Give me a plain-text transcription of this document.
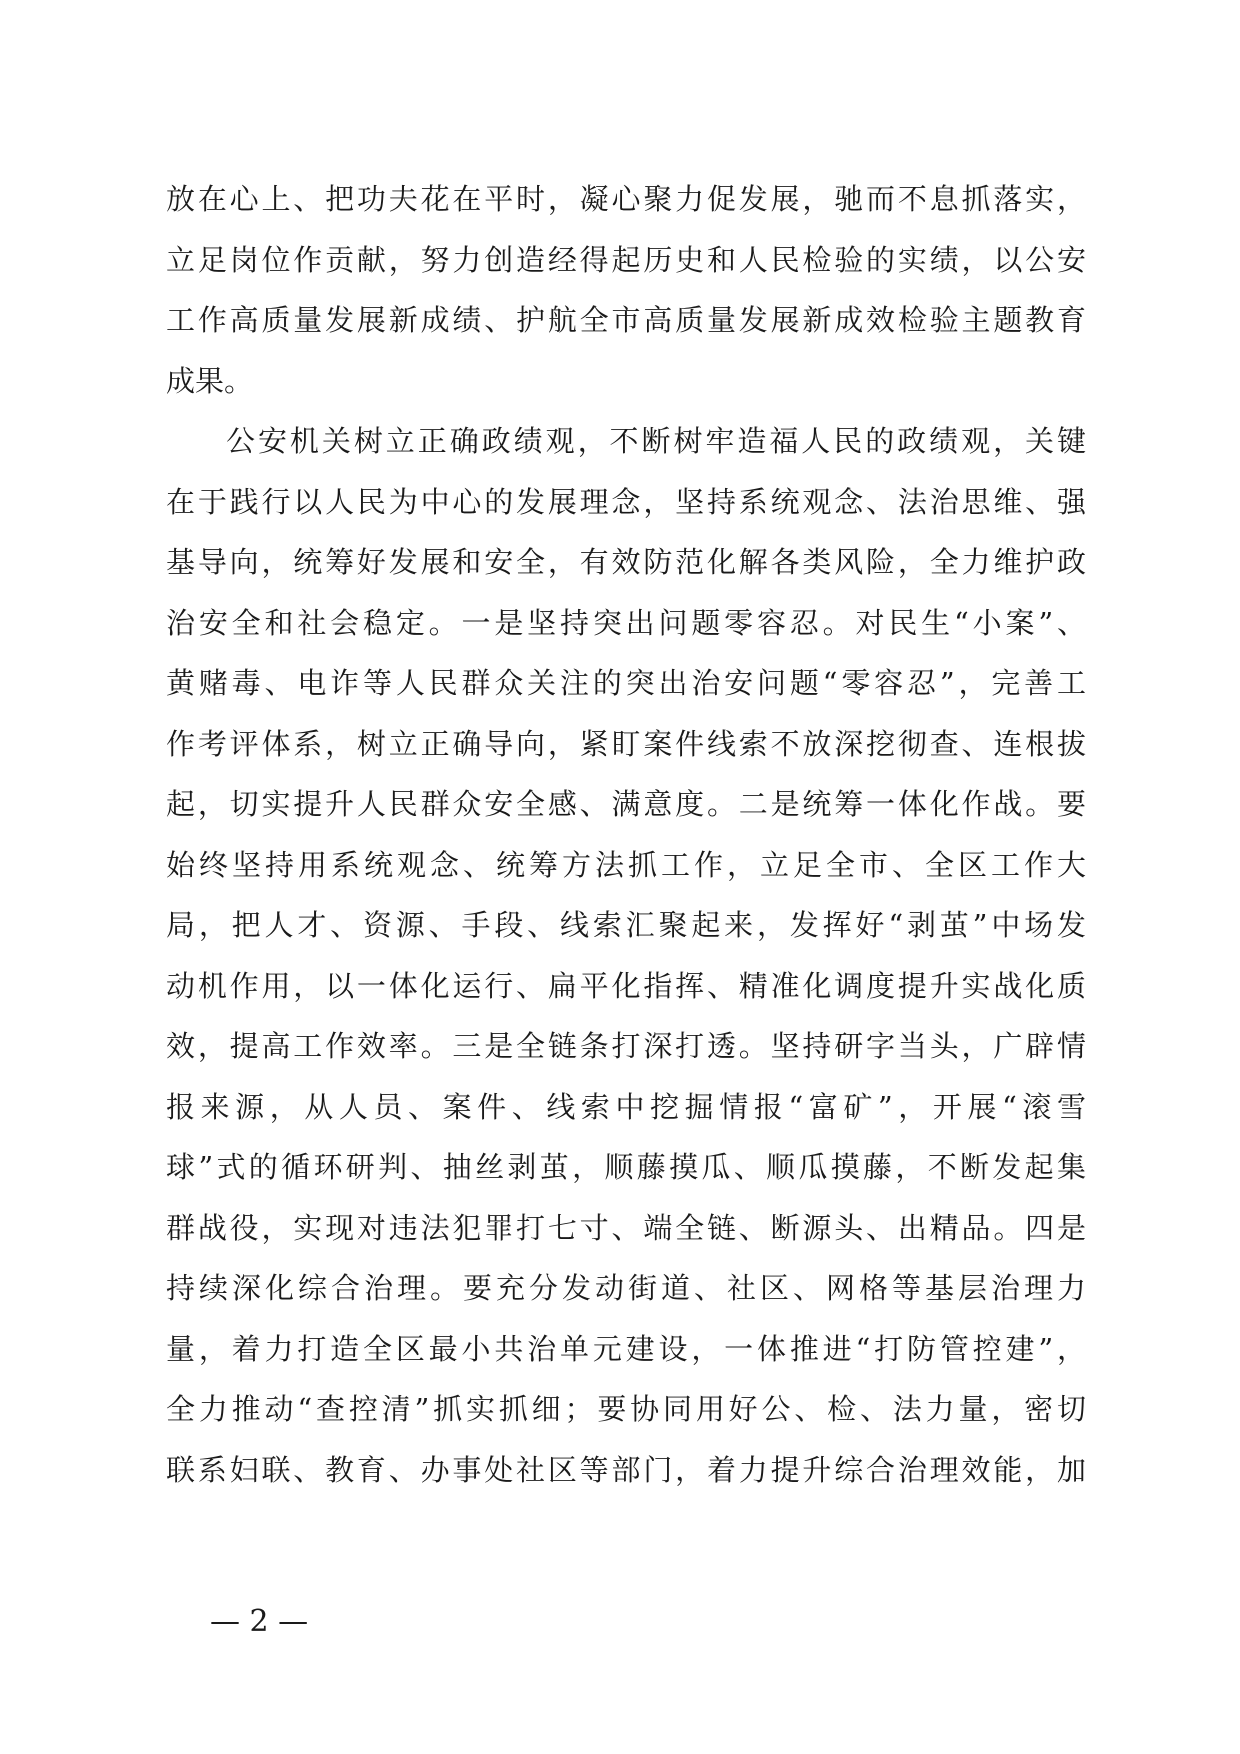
放在心上、把功夫花在平时，凝心聚力促发展，驰而不息抓落实，
立足岗位作贡献，努力创造经得起历史和人民检验的实绩，以公安
工作高质量发展新成绩、护航全市高质量发展新成效检验主题教育
成果。
公安机关树立正确政绩观，不断树牢造福人民的政绩观，关键
在于践行以人民为中心的发展理念，坚持系统观念、法治思维、强
基导向，统筹好发展和安全，有效防范化解各类风险，全力维护政
治安全和社会稳定。一是坚持突出问题零容忍。对民生“小案”、
黄赌毒、电诈等人民群众关注的突出治安问题“零容忍”，完善工
作考评体系，树立正确导向，紧盯案件线索不放深挖彻查、连根拔
起，切实提升人民群众安全感、满意度。二是统筹一体化作战。要
始终坚持用系统观念、统筹方法抓工作，立足全市、全区工作大
局，把人才、资源、手段、线索汇聚起来，发挥好“剥茧”中场发
动机作用，以一体化运行、扁平化指挥、精准化调度提升实战化质
效，提高工作效率。三是全链条打深打透。坚持研字当头，广辟情
报来源，从人员、案件、线索中挖掘情报“富矿”，开展“滚雪
球”式的循环研判、抽丝剥茧，顺藤摸瓜、顺瓜摸藤，不断发起集
群战役，实现对违法犯罪打七寸、端全链、断源头、出精品。四是
持续深化综合治理。要充分发动街道、社区、网格等基层治理力
量，着力打造全区最小共治单元建设，一体推进“打防管控建”，
全力推动“查控清”抓实抓细；要协同用好公、检、法力量，密切
联系妇联、教育、办事处社区等部门，着力提升综合治理效能，加
— 2 —
